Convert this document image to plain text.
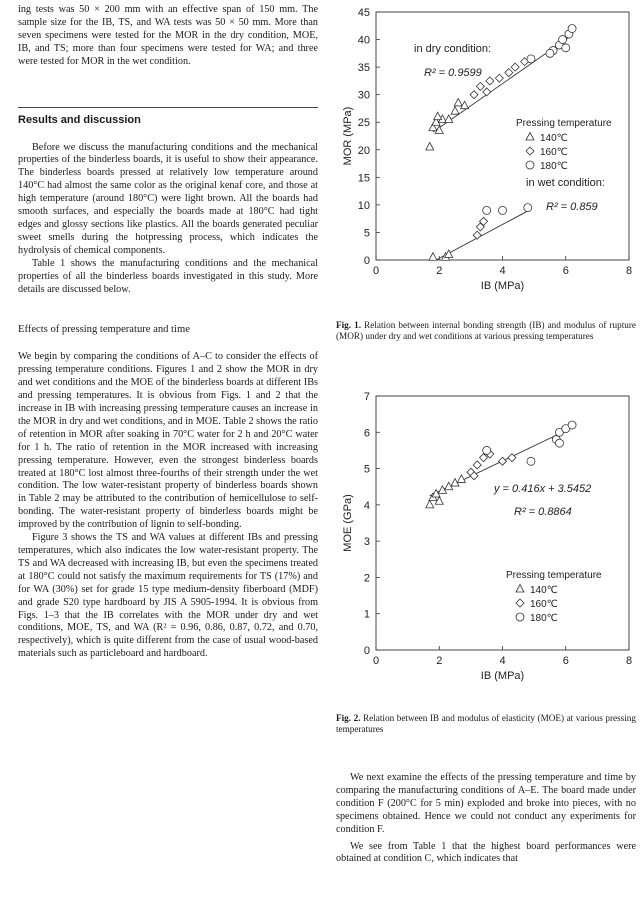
ing tests was 50 × 200 mm with an effective span of 150 mm. The sample size for the IB, TS, and WA tests was 50 × 50 mm. More than seven specimens were tested for the MOR in the dry condition, MOE, IB, and TS; more than four specimens were tested for WA; and three were tested for MOR in the wet condition.

Results and discussion

Before we discuss the manufacturing conditions and the mechanical properties of the binderless boards, it is useful to show their appearance. The binderless boards pressed at relatively low temperature around 140°C had almost the same color as the original kenaf core, and those at high temperature (around 180°C) were light brown. All the boards had smooth surfaces, and especially the boards made at 180°C had tight edges and glossy sections like plastics. All the boards generated peculiar sweet smells during the hotpressing process, which indicates the hydrolysis of chemical components.

Table 1 shows the manufacturing conditions and the mechanical properties of all the binderless boards investigated in this study. More details are discussed below.

Effects of pressing temperature and time

We begin by comparing the conditions of A–C to consider the effects of pressing temperature conditions. Figures 1 and 2 show the MOR in dry and wet conditions and the MOE of the binderless boards at different IBs and pressing temperatures. It is obvious from Figs. 1 and 2 that the increase in IB with increasing pressing temperature causes an increase in the MOR in dry and wet conditions, and in MOE. Table 2 shows the ratio of retention in MOR after soaking in 70°C water for 2 h and 20°C water for 1 h. The ratio of retention in the MOR increased with increasing pressing temperature. However, even the strongest binderless boards treated at 180°C lost almost three-fourths of their strength under the wet condition. The low water-resistant property of binderless boards shown in Table 2 may be attributed to the contribution of hemicellulose to self-bonding. The water-resistant property of binderless boards might be improved by the contribution of lignin to self-bonding.

Figure 3 shows the TS and WA values at different IBs and pressing temperatures, which also indicates the low water-resistant property. The TS and WA decreased with increasing IB, but even the specimens treated at 180°C could not satisfy the maximum requirements for TS (17%) and for WA (30%) set for grade 15 type medium-density fiberboard (MDF) and grade S20 type hardboard by JIS A 5905-1994. It is obvious from Figs. 1–3 that the IB correlates with the MOR under dry and wet conditions, MOE, TS, and WA (R² = 0.96, 0.86, 0.87, 0.72, and 0.70, respectively), which is quite different from the case of usual wood-based materials such as particleboard and hardboard.

0
5
10
15
20
25
30
35
40
45
0	2	4	6	8
IB (MPa)
MOR (MPa)	Pressing temperature
140℃
160℃
180℃
in dry condition:
R² = 0.9599
in wet condition:
R² = 0.859

Fig. 1. Relation between internal bonding strength (IB) and modulus of rupture (MOR) under dry and wet conditions at various pressing temperatures

0
1
2
3
4
5
6
7
0	2	4	6	8
IB (MPa)
MOE (GPa)
Pressing temperature
140℃
160℃
180℃
y = 0.416x + 3.5452
R² = 0.8864

Fig. 2. Relation between IB and modulus of elasticity (MOE) at various pressing temperatures

We next examine the effects of the pressing temperature and time by comparing the manufacturing conditions of A–E. The board made under condition F (200°C for 5 min) exploded and broke into pieces, with no specimens obtained. Hence we could not conduct any experiments for condition F.

We see from Table 1 that the highest board performances were obtained at condition C, which indicates that
